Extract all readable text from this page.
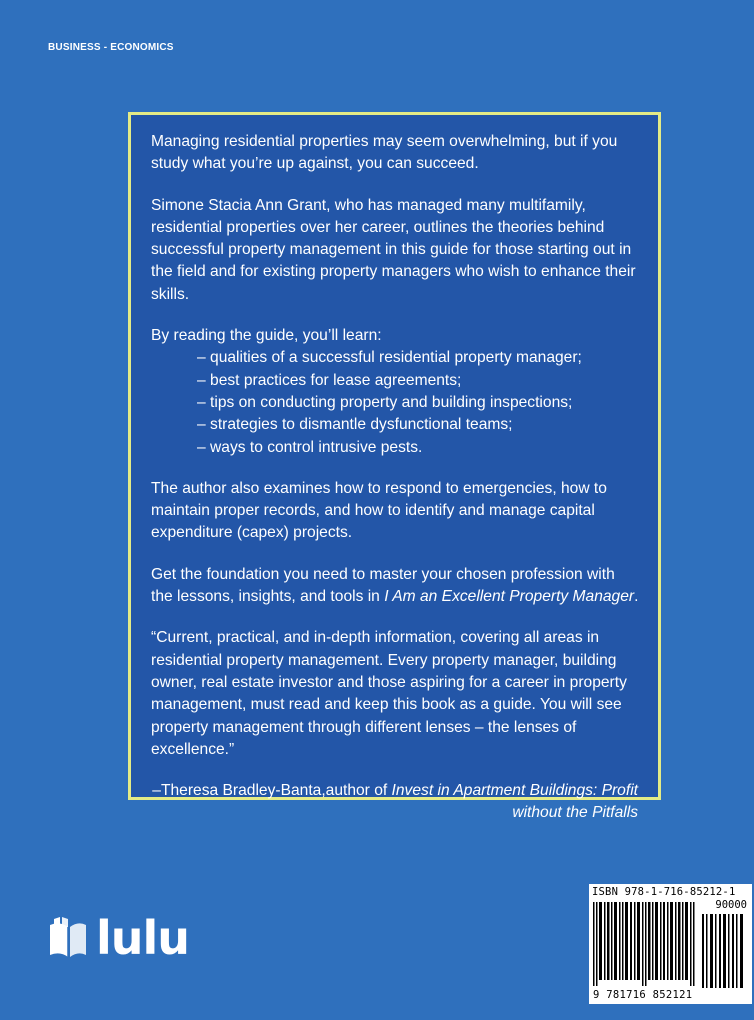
BUSINESS - ECONOMICS

Managing residential properties may seem overwhelming, but if you study what you’re up against, you can succeed.

Simone Stacia Ann Grant, who has managed many multifamily, residential properties over her career, outlines the theories behind successful property management in this guide for those starting out in the field and for existing property managers who wish to enhance their skills.

By reading the guide, you’ll learn:

– qualities of a successful residential property manager;
– best practices for lease agreements;
– tips on conducting property and building inspections;
– strategies to dismantle dysfunctional teams;
– ways to control intrusive pests.

The author also examines how to respond to emergencies, how to maintain proper records, and how to identify and manage capital expenditure (capex) projects.

Get the foundation you need to master your chosen profession with the lessons, insights, and tools in I Am an Excellent Property Manager.

“Current, practical, and in-depth information, covering all areas in residential property management. Every property manager, building owner, real estate investor and those aspiring for a career in property management, must read and keep this book as a guide. You will see property management through different lenses – the lenses of excellence.”

–Theresa Bradley-Banta,author of Invest in Apartment Buildings: Profit without the Pitfalls
lulu
ISBN 978-1-716-85212-1
90000
9 781716 852121
